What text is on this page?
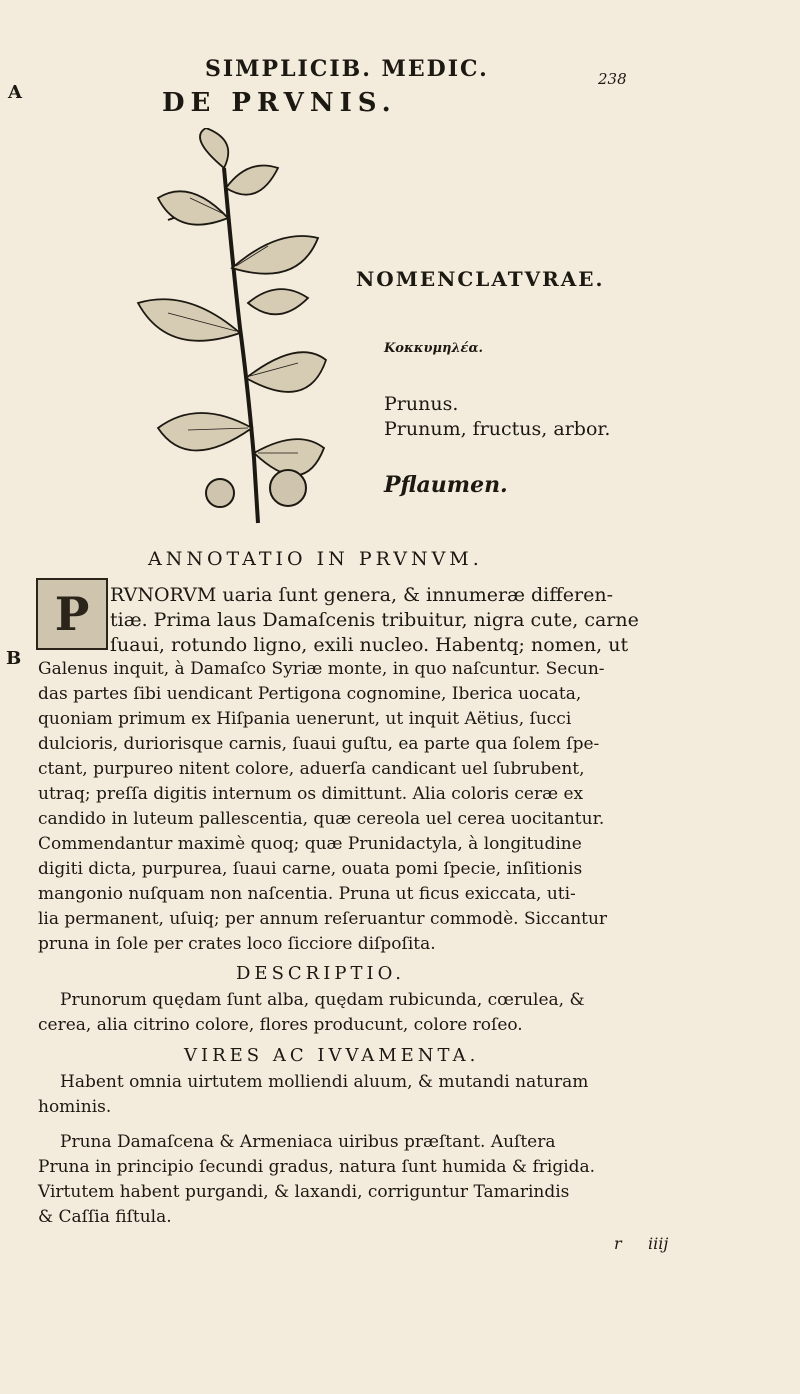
A
B
SIMPLICIB. MEDIC.
DE PRVNIS.
238
NOMENCLATVRAE.
Κοκκυμηλέα.
Prunus.
Prunum, fructus, arbor.
Pflaumen.
ANNOTATIO IN PRVNVM.
P	RVNORVM uaria ſunt genera, & innumeræ differen-
tiæ. Prima laus Damaſcenis tribuitur, nigra cute, carne
ſuaui, rotundo ligno, exili nucleo. Habentq; nomen, ut
Galenus inquit, à Damaſco Syriæ monte, in quo naſcuntur. Secun-
das partes ſibi uendicant Pertigona cognomine, Iberica uocata,
quoniam primum ex Hiſpania uenerunt, ut inquit Aëtius, ſucci
dulcioris, duriorisque carnis, ſuaui guſtu, ea parte qua ſolem ſpe-
ctant, purpureo nitent colore, aduerſa candicant uel ſubrubent,
utraq; preſſa digitis internum os dimittunt. Alia coloris ceræ ex
candido in luteum pallescentia, quæ cereola uel cerea uocitantur.
Commendantur maximè quoq; quæ Prunidactyla, à longitudine
digiti dicta, purpurea, ſuaui carne, ouata pomi ſpecie, inſitionis
mangonio nuſquam non naſcentia. Pruna ut ficus exiccata, uti-
lia permanent, uſuiq; per annum reſeruantur commodè. Siccantur
pruna in ſole per crates loco ſicciore diſpoſita.
DESCRIPTIO.
Prunorum quędam ſunt alba, quędam rubicunda, cœrulea, &
cerea, alia citrino colore, flores producunt, colore roſeo.
VIRES AC IVVAMENTA.
Habent omnia uirtutem molliendi aluum, & mutandi naturam
hominis.
Pruna Damaſcena & Armeniaca uiribus præſtant. Auſtera
Pruna in principio ſecundi gradus, natura ſunt humida & frigida.
Virtutem habent purgandi, & laxandi, corriguntur Tamarindis
& Caſſia fiſtula.
r iiij
